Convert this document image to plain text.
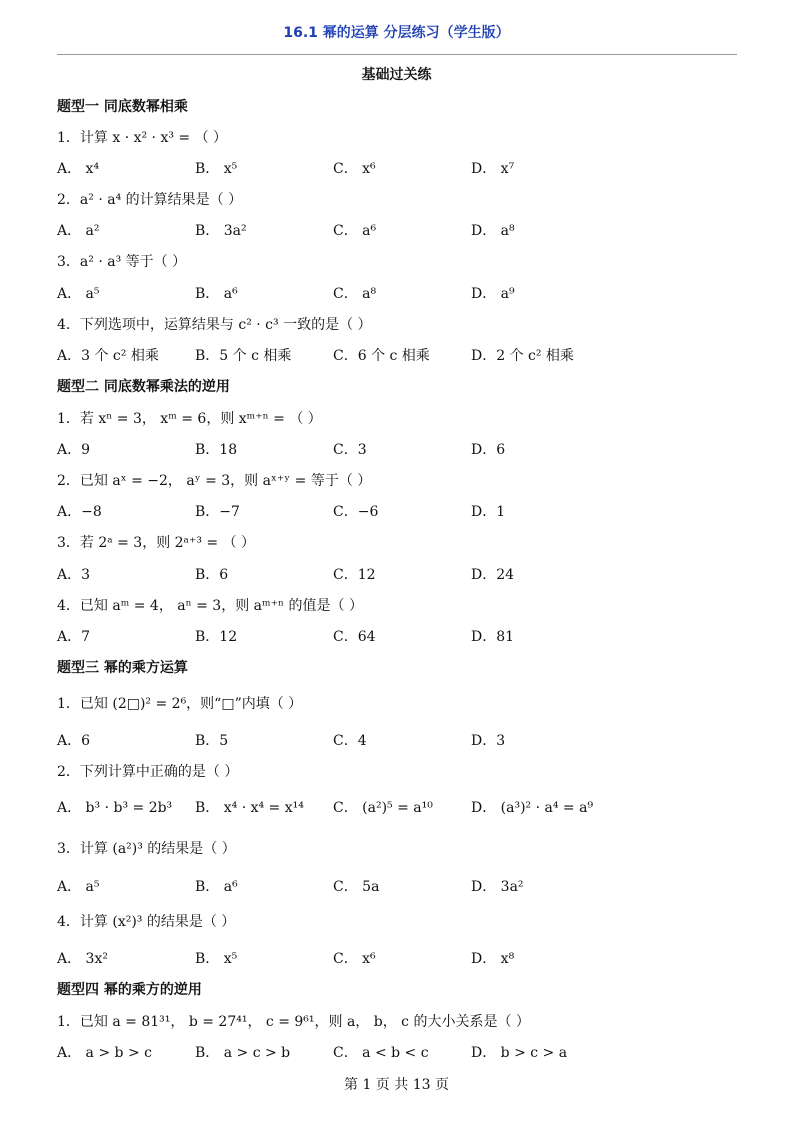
16.1 幂的运算 分层练习（学生版）
基础过关练
题型一 同底数幂相乘
1．计算 x · x² · x³ = （ ）
A． x⁴	B． x⁵	C． x⁶	D． x⁷
2．a² · a⁴ 的计算结果是（ ）
A． a²	B． 3a²	C． a⁶	D． a⁸
3．a² · a³ 等于（ ）
A． a⁵	B． a⁶	C． a⁸	D． a⁹
4．下列选项中，运算结果与 c² · c³ 一致的是（ ）
A．3 个 c² 相乘	B．5 个 c 相乘	C．6 个 c 相乘	D．2 个 c² 相乘
题型二 同底数幂乘法的逆用
1．若 xⁿ = 3， xᵐ = 6，则 xᵐ⁺ⁿ = （ ）
A．9	B．18	C．3	D．6
2．已知 aˣ = −2， aʸ = 3，则 aˣ⁺ʸ = 等于（ ）
A．−8	B．−7	C．−6	D．1
3．若 2ᵃ = 3，则 2ᵃ⁺³ = （ ）
A．3	B．6	C．12	D．24
4．已知 aᵐ = 4， aⁿ = 3，则 aᵐ⁺ⁿ 的值是（ ）
A．7	B．12	C．64	D．81
题型三 幂的乘方运算
1．已知 (2□)² = 2⁶，则“□”内填（ ）
A．6	B．5	C．4	D．3
2．下列计算中正确的是（ ）
A． b³ · b³ = 2b³ B． x⁴ · x⁴ = x¹⁴ C． (a²)⁵ = a¹⁰	D． (a³)² · a⁴ = a⁹
3．计算 (a²)³ 的结果是（ ）
A． a⁵	B． a⁶	C． 5a	D． 3a²
4．计算 (x²)³ 的结果是（ ）
A． 3x²	B． x⁵	C． x⁶	D． x⁸
题型四 幂的乘方的逆用
1．已知 a = 81³¹， b = 27⁴¹， c = 9⁶¹，则 a， b， c 的大小关系是（ ）
A． a > b > c	B． a > c > b	C． a < b < c	D． b > c > a
第 1 页 共 13 页
